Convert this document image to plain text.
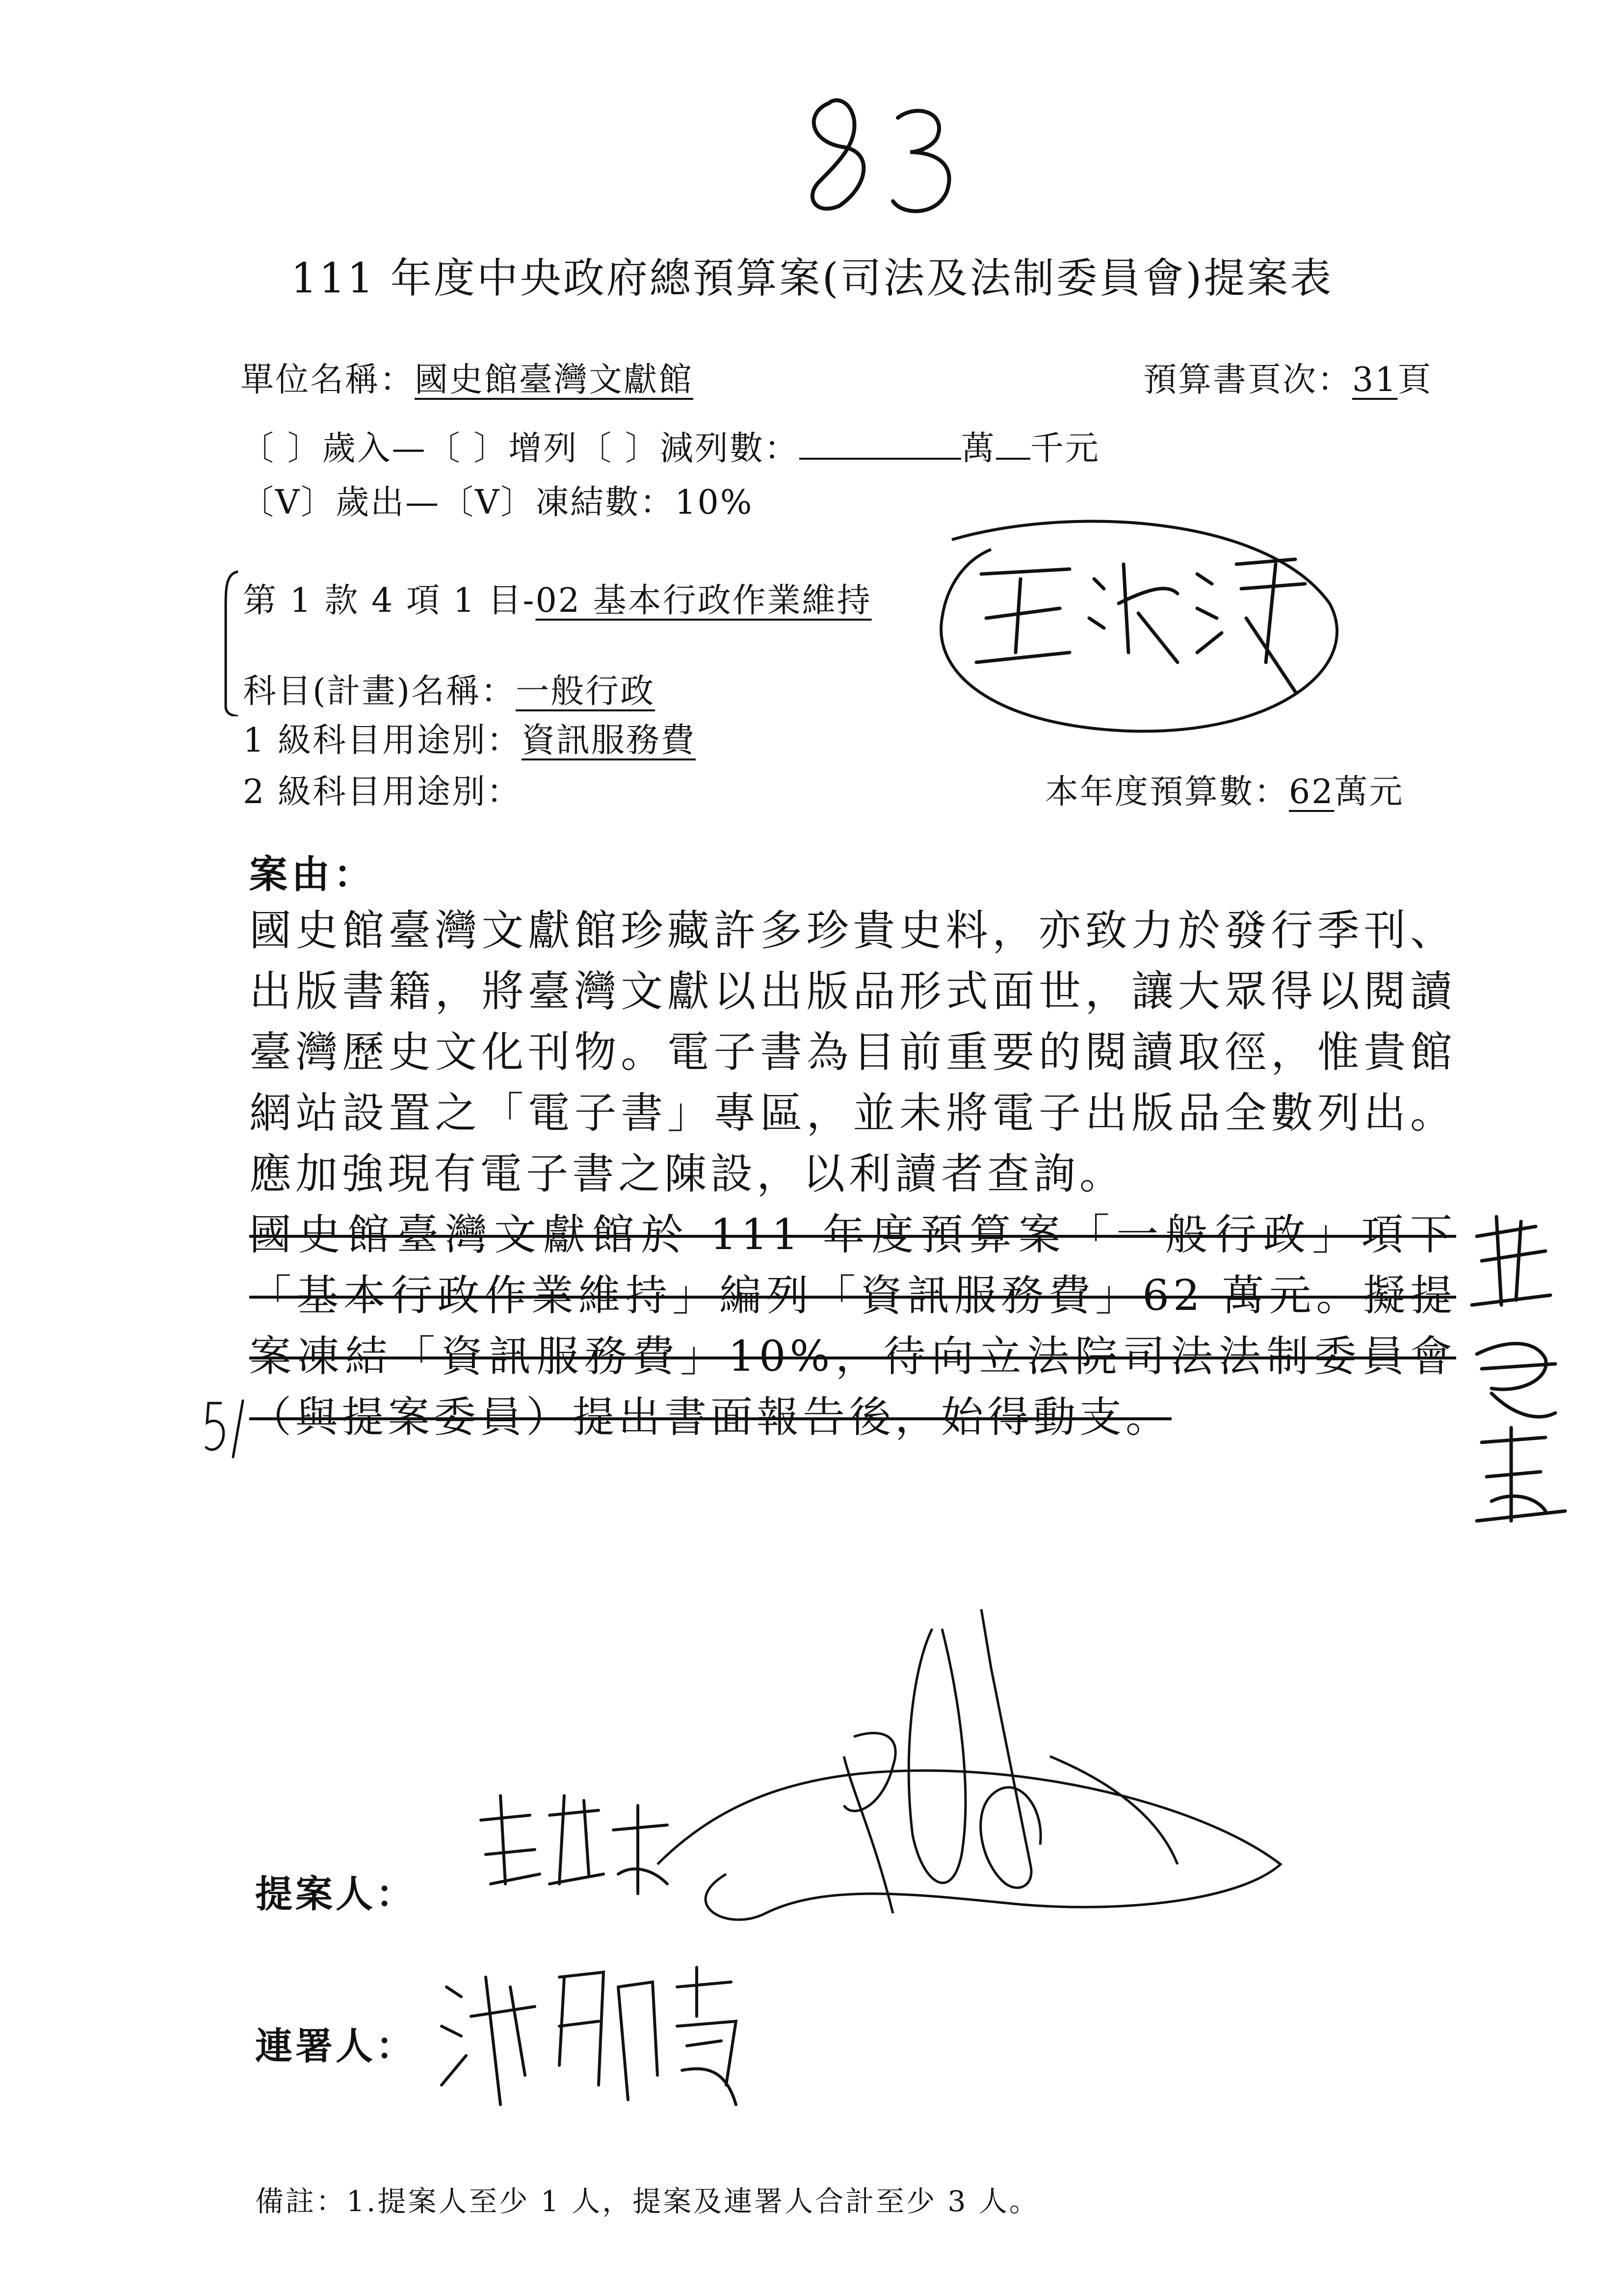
111 年度中央政府總預算案(司法及法制委員會)提案表
單位名稱：國史館臺灣文獻館	預算書頁次：31頁
〔 〕歲入—〔 〕增列〔 〕減列數：	萬 千元
〔V〕歲出—〔V〕凍結數：10%
第 1 款 4 項 1 目-02 基本行政作業維持
科目(計畫)名稱：一般行政
1 級科目用途別：資訊服務費
2 級科目用途別：	本年度預算數：62萬元
案由：

國史館臺灣文獻館珍藏許多珍貴史料，亦致力於發行季刊、出版書籍，將臺灣文獻以出版品形式面世，讓大眾得以閱讀臺灣歷史文化刊物。電子書為目前重要的閱讀取徑，惟貴館網站設置之「電子書」專區，並未將電子出版品全數列出。應加強現有電子書之陳設，以利讀者查詢。

國史館臺灣文獻館於 111 年度預算案「一般行政」項下「基本行政作業維持」編列「資訊服務費」62 萬元。擬提案凍結「資訊服務費」10%，待向立法院司法法制委員會（與提案委員）提出書面報告後，始得動支。

提案人：
連署人：
備註：1.提案人至少 1 人，提案及連署人合計至少 3 人。
